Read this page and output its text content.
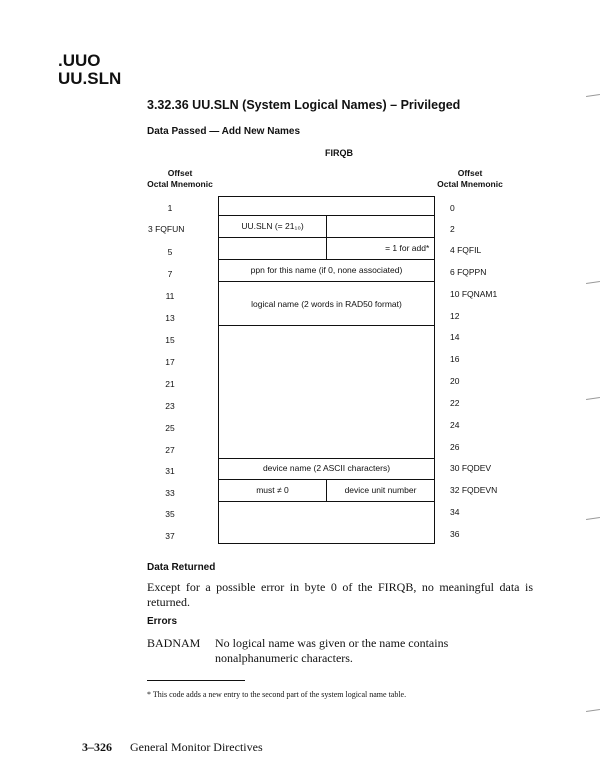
.UUO
UU.SLN
3.32.36 UU.SLN (System Logical Names) – Privileged
Data Passed — Add New Names
FIRQB
Offset
Octal Mnemonic
Offset
Octal Mnemonic
1
3 FQFUN
5
7
11
13
15
17
21
23
25
27
31
33
35
37
0
2
4 FQFIL
6 FQPPN
10 FQNAM1
12
14
16
20
22
24
26
30 FQDEV
32 FQDEVN
34
36
UU.SLN (= 21₁₀)
= 1 for add*
ppn for this name (if 0, none associated)
logical name (2 words in RAD50 format)
device name (2 ASCII characters)
must ≠ 0	device unit number
Data Returned
Except for a possible error in byte 0 of the FIRQB, no meaningful data is returned.
Errors
BADNAM No logical name was given or the name contains nonalphanumeric characters.
* This code adds a new entry to the second part of the system logical name table.
3–326 General Monitor Directives
